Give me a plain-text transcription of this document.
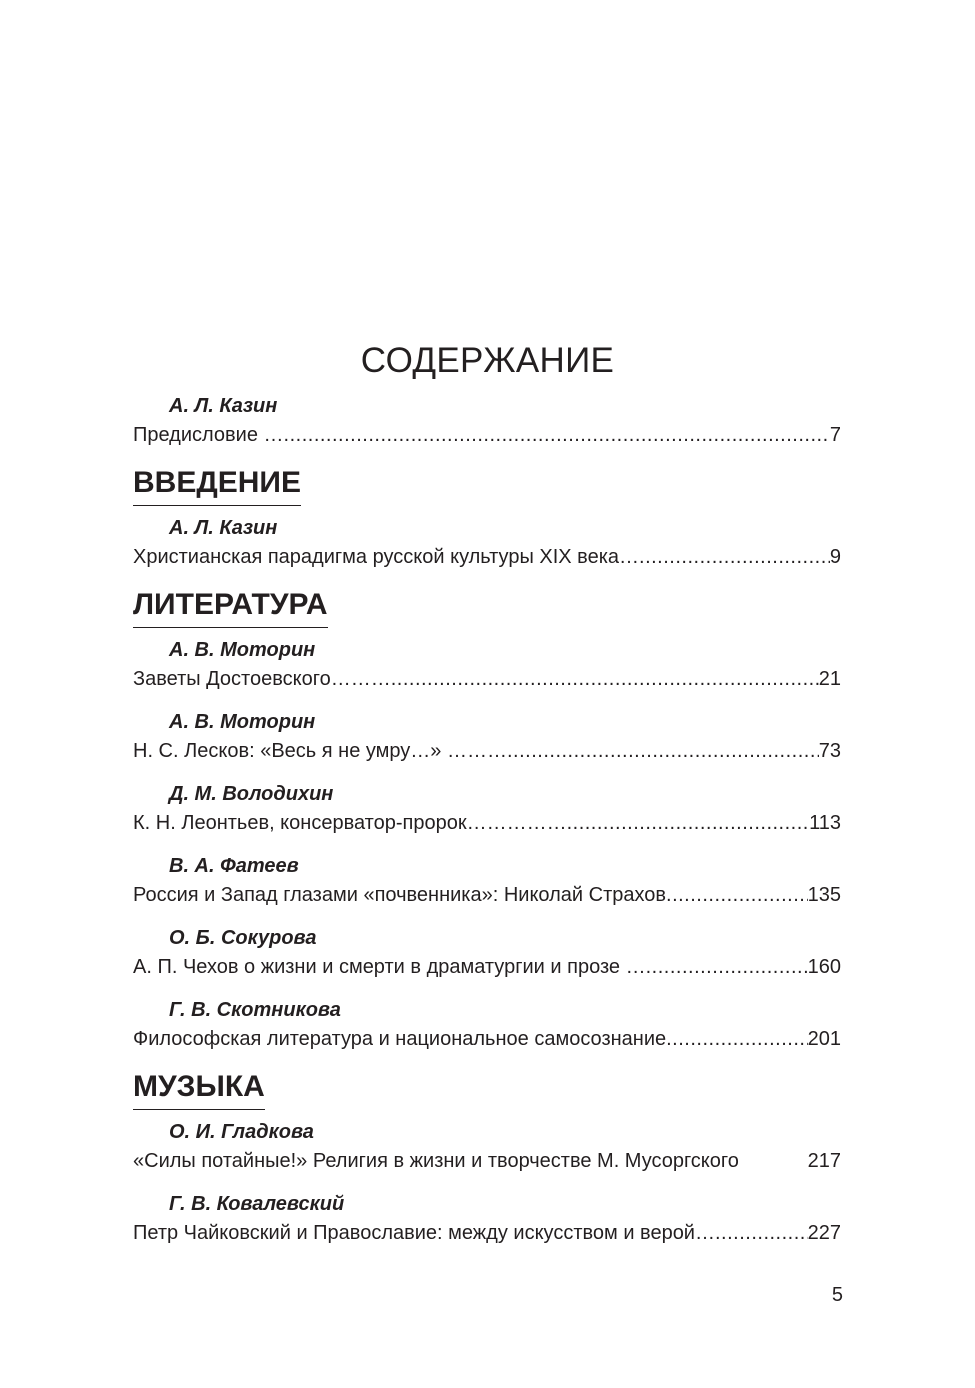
СОДЕРЖАНИЕ
А. Л. Казин
Предисловие … .....	7
ВВЕДЕНИЕ
А. Л. Казин
Христианская парадигма русской культуры XIX века… .....	9
ЛИТЕРАТУРА
А. В. Моторин
Заветы Достоевского……… .....	21
А. В. Моторин
Н. С. Лесков: «Весь я не умру…» ……… .....	73
Д. М. Володихин
К. Н. Леонтьев, консерватор-пророк…………… .....	113
В. А. Фатеев
Россия и Запад глазами «почвенника»: Николай Страхов .....	135
О. Б. Сокурова
А. П. Чехов о жизни и смерти в драматургии и прозе … .....	160
Г. В. Скотникова
Философская литература и национальное самосознание .....	201
МУЗЫКА
О. И. Гладкова
«Силы потайные!» Религия в жизни и творчестве М. Мусоргского	217
Г. В. Ковалевский
Петр Чайковский и Православие: между искусством и верой… .....	227
5
